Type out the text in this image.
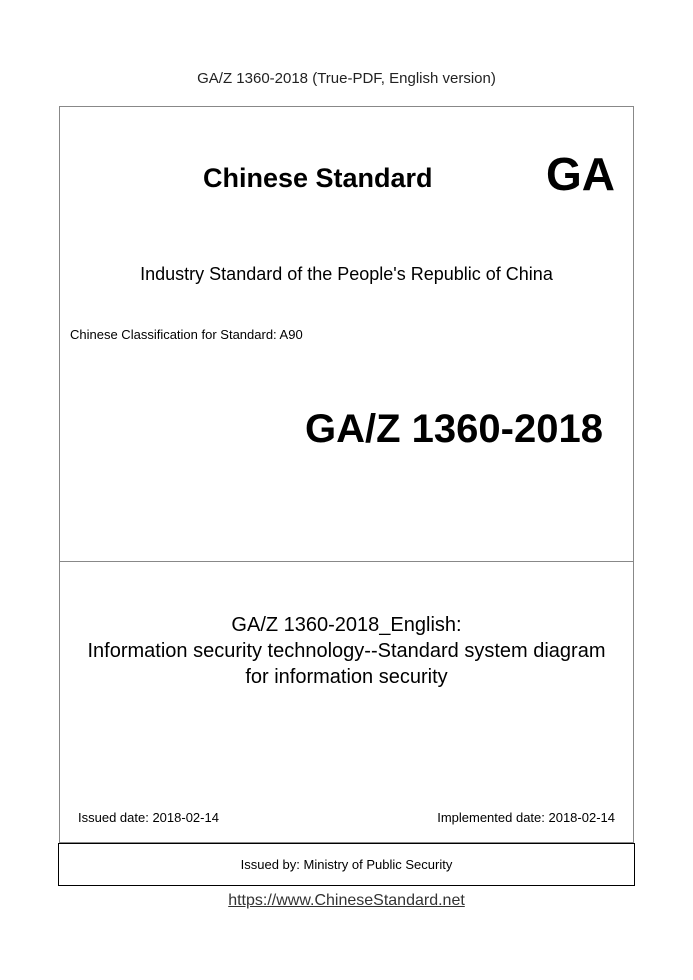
GA/Z 1360-2018 (True-PDF, English version)
Chinese Standard GA
Industry Standard of the People's Republic of China
Chinese Classification for Standard: A90
GA/Z 1360-2018
GA/Z 1360-2018_English:
Information security technology--Standard system diagram
for information security
Issued date: 2018-02-14	Implemented date: 2018-02-14
Issued by: Ministry of Public Security
https://www.ChineseStandard.net
